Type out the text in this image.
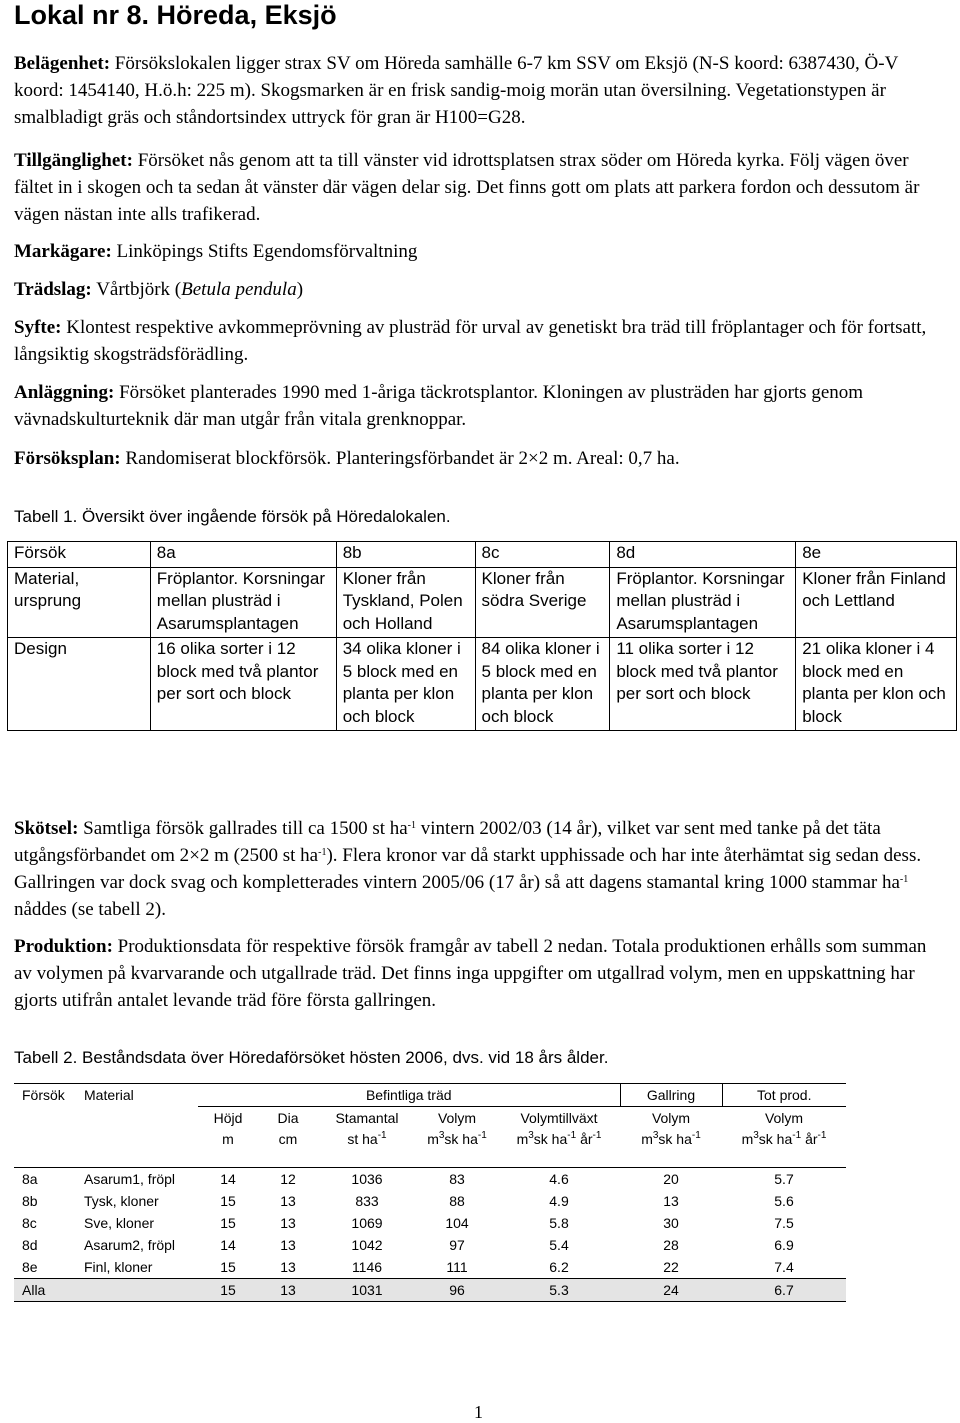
Lokal nr 8. Höreda, Eksjö
Belägenhet: Försökslokalen ligger strax SV om Höreda samhälle 6-7 km SSV om Eksjö (N-S koord: 6387430, Ö-V koord: 1454140, H.ö.h: 225 m). Skogsmarken är en frisk sandig-moig morän utan översilning. Vegetationstypen är smalbladigt gräs och ståndortsindex uttryck för gran är H100=G28.
Tillgänglighet: Försöket nås genom att ta till vänster vid idrottsplatsen strax söder om Höreda kyrka. Följ vägen över fältet in i skogen och ta sedan åt vänster där vägen delar sig. Det finns gott om plats att parkera fordon och dessutom är vägen nästan inte alls trafikerad.
Markägare: Linköpings Stifts Egendomsförvaltning
Trädslag: Vårtbjörk (Betula pendula)
Syfte: Klontest respektive avkommeprövning av plusträd för urval av genetiskt bra träd till fröplantager och för fortsatt, långsiktig skogsträdsförädling.
Anläggning: Försöket planterades 1990 med 1-åriga täckrotsplantor. Kloningen av plusträden har gjorts genom vävnadskulturteknik där man utgår från vitala grenknoppar.
Försöksplan: Randomiserat blockförsök. Planteringsförbandet är 2×2 m. Areal: 0,7 ha.
Tabell 1. Översikt över ingående försök på Höredalokalen.
Försök	8a	8b	8c	8d	8e
Material, ursprung	Fröplantor. Korsningar mellan plusträd i Asarumsplantagen	Kloner från Tyskland, Polen och Holland	Kloner från södra Sverige	Fröplantor. Korsningar mellan plusträd i Asarumsplantagen	Kloner från Finland och Lettland
Design	16 olika sorter i 12 block med två plantor per sort och block	34 olika kloner i 5 block med en planta per klon och block	84 olika kloner i 5 block med en planta per klon och block	11 olika sorter i 12 block med två plantor per sort och block	21 olika kloner i 4 block med en planta per klon och block
Skötsel: Samtliga försök gallrades till ca 1500 st $ha^{-1}$ vintern 2002/03 (14 år), vilket var sent med tanke på det täta utgångsförbandet om 2×2 m (2500 st $ha^{-1}$). Flera kronor var då starkt upphissade och har inte återhämtat sig sedan dess. Gallringen var dock svag och kompletterades vintern 2005/06 (17 år) så att dagens stamantal kring 1000 stammar $ha^{-1}$ nåddes (se tabell 2).
Produktion: Produktionsdata för respektive försök framgår av tabell 2 nedan. Totala produktionen erhålls som summan av volymen på kvarvarande och utgallrade träd. Det finns inga uppgifter om utgallrad volym, men en uppskattning har gjorts utifrån antalet levande träd före första gallringen.
Tabell 2. Beståndsdata över Höredaförsöket hösten 2006, dvs. vid 18 års ålder.
Försök	Material	Befintliga träd					Gallring	Tot prod.
		Höjd	Dia	Stamantal	Volym	Volymtillväxt	Volym	Volym
		m	cm	st $ha^{-1}$	$m^3sk$ $ha^{-1}$	$m^3sk$ $ha^{-1}$ $år^{-1}$	$m^3sk$ $ha^{-1}$	$m^3sk$ $ha^{-1}$ $år^{-1}$
8a	Asarum1, fröpl	14	12	1036	83	4.6	20	5.7
8b	Tysk, kloner	15	13	833	88	4.9	13	5.6
8c	Sve, kloner	15	13	1069	104	5.8	30	7.5
8d	Asarum2, fröpl	14	13	1042	97	5.4	28	6.9
8e	Finl, kloner	15	13	1146	111	6.2	22	7.4
Alla		15	13	1031	96	5.3	24	6.7
1
